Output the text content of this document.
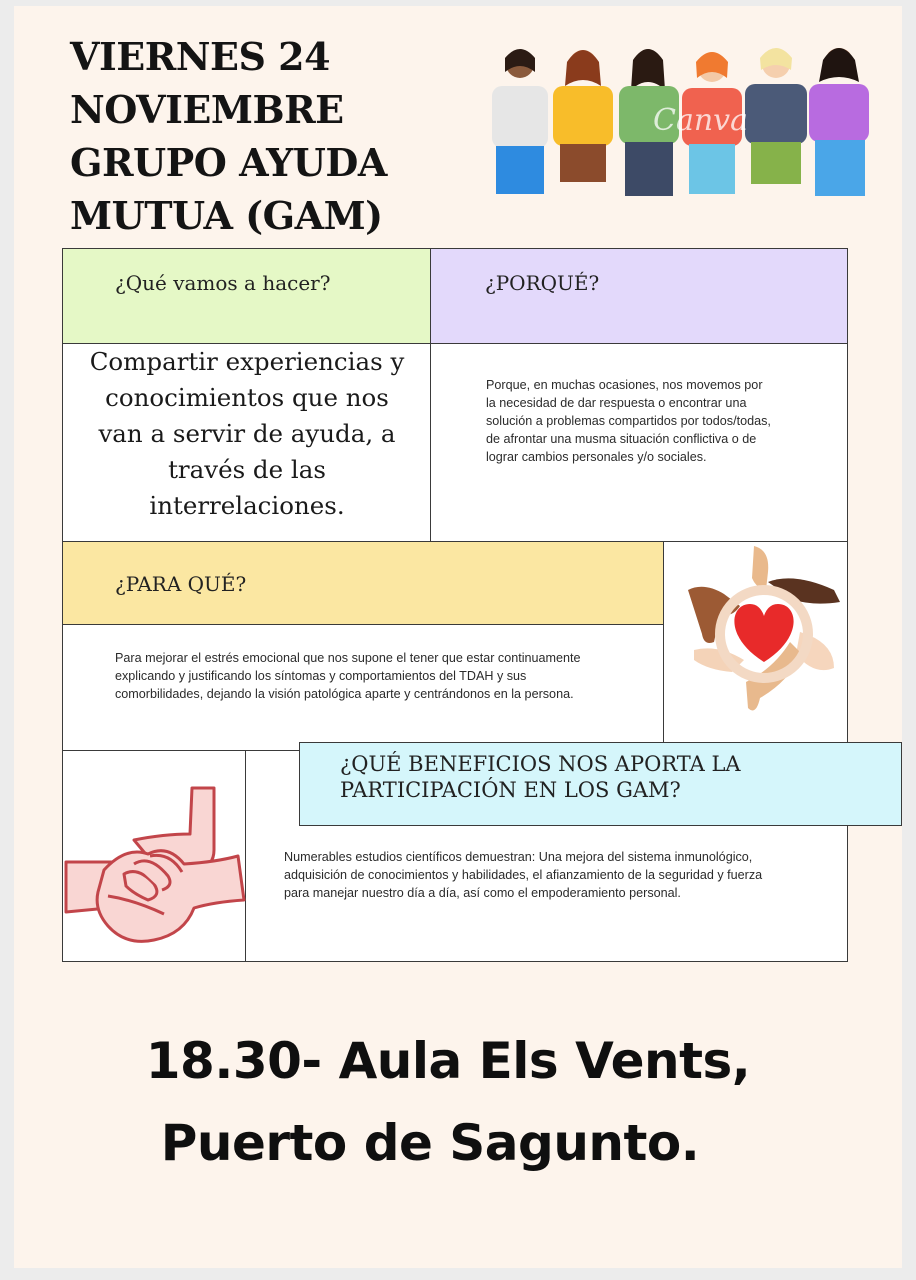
VIERNES 24
NOVIEMBRE
GRUPO AYUDA
MUTUA (GAM)
Canva
¿Qué vamos a hacer?	¿PORQUÉ?
Compartir experiencias y
conocimientos que nos
van a servir de ayuda, a
través de las
interrelaciones.
Porque, en muchas ocasiones, nos movemos por
la necesidad de dar respuesta o encontrar una
solución a problemas compartidos por todos/todas,
de afrontar una musma situación conflictiva o de
lograr cambios personales y/o sociales.
¿PARA QUÉ?
Para mejorar el estrés emocional que nos supone el tener que estar continuamente
explicando y justificando los síntomas y comportamientos del TDAH y sus
comorbilidades, dejando la visión patológica aparte y centrándonos en la persona.
Numerables estudios científicos demuestran: Una mejora del sistema inmunológico,
adquisición de conocimientos y habilidades, el afianzamiento de la seguridad y fuerza
para manejar nuestro día a día, así como el empoderamiento personal.
¿QUÉ BENEFICIOS NOS APORTA LA
PARTICIPACIÓN EN LOS GAM?
18.30- Aula Els Vents,
Puerto de Sagunto.
